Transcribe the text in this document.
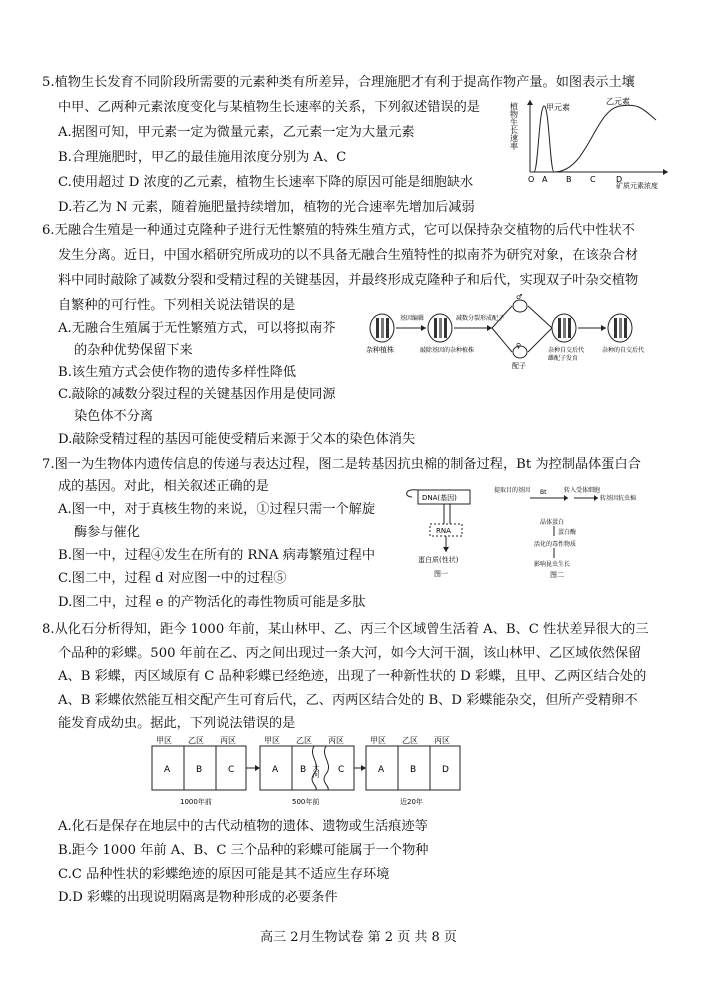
5.植物生长发育不同阶段所需要的元素种类有所差异，合理施肥才有利于提高作物产量。如图表示土壤
中甲、乙两种元素浓度变化与某植物生长速率的关系，下列叙述错误的是
A.据图可知，甲元素一定为微量元素，乙元素一定为大量元素
B.合理施肥时，甲乙的最佳施用浓度分别为 A、C
C.使用超过 D 浓度的乙元素，植物生长速率下降的原因可能是细胞缺水
D.若乙为 N 元素，随着施肥量持续增加，植物的光合速率先增加后减弱
植物生长速率	甲元素
乙元素
O A B C	D
矿质元素浓度
6.无融合生殖是一种通过克隆种子进行无性繁殖的特殊生殖方式，它可以保持杂交植物的后代中性状不
发生分离。近日，中国水稻研究所成功的以不具备无融合生殖特性的拟南芥为研究对象，在该杂合材
料中同时敲除了减数分裂和受精过程的关键基因，并最终形成克隆种子和后代，实现双子叶杂交植物
自繁种的可行性。下列相关说法错误的是
A.无融合生殖属于无性繁殖方式，可以将拟南芥
的杂种优势保留下来
B.该生殖方式会使作物的遗传多样性降低
C.敲除的减数分裂过程的关键基因作用是使同源
染色体不分离
D.敲除受精过程的基因可能使受精后来源于父本的染色体消失
杂种植株
基因编辑
敲除基因的杂种植株
减数分裂形成配子
♂
♀
配子
杂种自交后代
雌配子发育
杂种的自交后代
7.图一为生物体内遗传信息的传递与表达过程，图二是转基因抗虫棉的制备过程，Bt 为控制晶体蛋白合
成的基因。对此，相关叙述正确的是
A.图一中，对于真核生物的来说，①过程只需一个解旋
酶参与催化
B.图一中，过程④发生在所有的 RNA 病毒繁殖过程中
C.图二中，过程 d 对应图一中的过程⑤
D.图二中，过程 e 的产物活化的毒性物质可能是多肽
DNA(基因)
RNA
蛋白质(性状)
图一
提取目的基因 Bt	转入受体细胞
转基因抗虫棉
晶体蛋白
蛋白酶
活化的毒性物质
影响昆虫生长
图二
8.从化石分析得知，距今 1000 年前，某山林甲、乙、丙三个区域曾生活着 A、B、C 性状差异很大的三
个品种的彩蝶。500 年前在乙、丙之间出现过一条大河，如今大河干涸，该山林甲、乙区域依然保留
A、B 彩蝶，丙区域原有 C 品种彩蝶已经绝迹，出现了一种新性状的 D 彩蝶，且甲、乙两区结合处的
A、B 彩蝶依然能互相交配产生可育后代，乙、丙两区结合处的 B、D 彩蝶能杂交，但所产受精卵不
能发育成幼虫。据此，下列说法错误的是
甲区 乙区 丙区
A	B	C
1000年前
甲区 乙区 丙区
A B	C
大河
500年前
甲区 乙区 丙区
A	B	D
近20年
A.化石是保存在地层中的古代动植物的遗体、遗物或生活痕迹等
B.距今 1000 年前 A、B、C 三个品种的彩蝶可能属于一个物种
C.C 品种性状的彩蝶绝迹的原因可能是其不适应生存环境
D.D 彩蝶的出现说明隔离是物种形成的必要条件
高三 2月生物试卷 第 2 页 共 8 页
